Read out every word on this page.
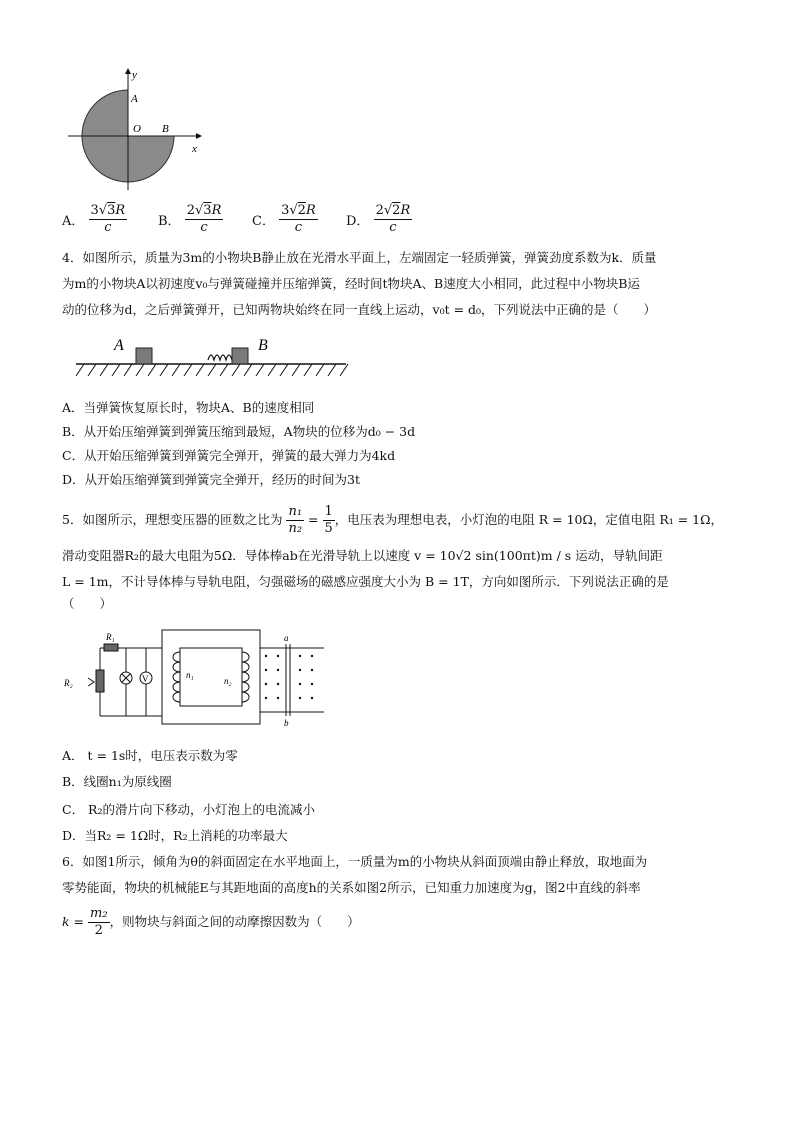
y
A
O B
x
A． $\frac{3√3R}{c}$ B． $\frac{2√3R}{c}$ C． $\frac{3√2R}{c}$ D． $\frac{2√2R}{c}$
4．如图所示，质量为3m的小物块B静止放在光滑水平面上，左端固定一轻质弹簧，弹簧劲度系数为k．质量
为m的小物块A以初速度v₀与弹簧碰撞并压缩弹簧，经时间t物块A、B速度大小相同，此过程中小物块B运
动的位移为d，之后弹簧弹开，已知两物块始终在同一直线上运动，v₀t = d₀，下列说法中正确的是（　　）
A	B
A．当弹簧恢复原长时，物块A、B的速度相同
B．从开始压缩弹簧到弹簧压缩到最短，A物块的位移为d₀ − 3d
C．从开始压缩弹簧到弹簧完全弹开，弹簧的最大弹力为4kd
D．从开始压缩弹簧到弹簧完全弹开，经历的时间为3t
5．如图所示，理想变压器的匝数之比为 $\frac{\text{n₁}}{\text{n₂}} = \frac{1}{5}$ ，电压表为理想电表，小灯泡的电阻 R = 10Ω，定值电阻 R₁ = 1Ω，
滑动变阻器R₂的最大电阻为5Ω．导体棒ab在光滑导轨上以速度 v = 10√2 sin(100πt)m / s 运动，导轨间距
L = 1m，不计导体棒与导轨电阻，匀强磁场的磁感应强度大小为 B = 1T，方向如图所示．下列说法正确的是
（　　）
R₁
R₂	V	n₁
n₂
a
b
A． t = 1s时，电压表示数为零
B．线圈n₁为原线圈
C． R₂的滑片向下移动，小灯泡上的电流减小
D．当R₂ = 1Ω时，R₂上消耗的功率最大
6．如图1所示，倾角为θ的斜面固定在水平地面上，一质量为m的小物块从斜面顶端由静止释放，取地面为
零势能面，物块的机械能E与其距地面的高度h的关系如图2所示，已知重力加速度为g，图2中直线的斜率
$k = \frac{\text{m₂}}{2}$ ，则物块与斜面之间的动摩擦因数为（　　）
